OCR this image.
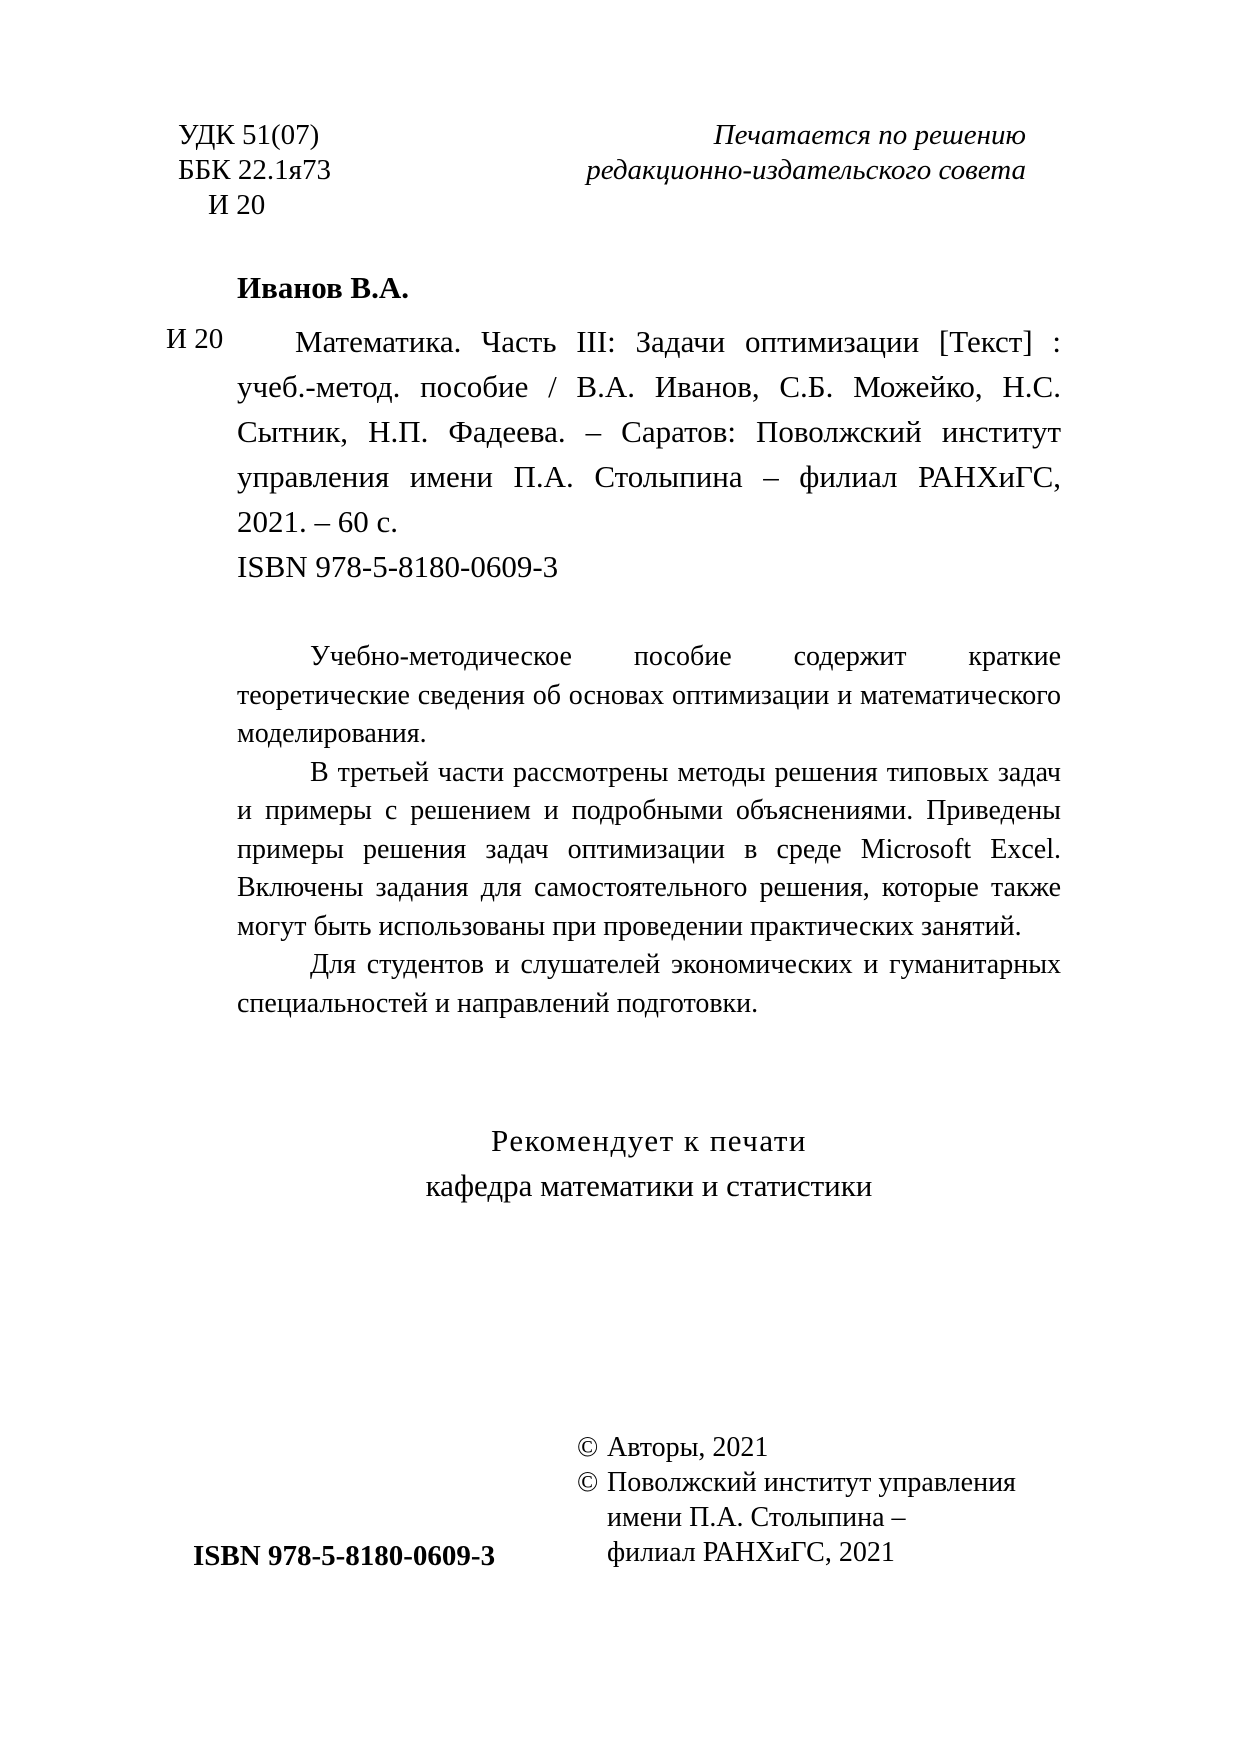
УДК 51(07)
ББК 22.1я73
И 20
Печатается по решению
редакционно-издательского совета
Иванов В.А.
И 20	Математика. Часть III: Задачи оптимизации [Текст] : учеб.-метод. пособие / В.А. Иванов, С.Б. Можейко, Н.С. Сытник, Н.П. Фадеева. – Саратов: Поволжский институт управления имени П.А. Столыпина – филиал РАНХиГС, 2021. – 60 с.

ISBN 978-5-8180-0609-3

Учебно-методическое пособие содержит краткие теоретические сведения об основах оптимизации и математического моделирования.

В третьей части рассмотрены методы решения типовых задач и примеры с решением и подробными объяснениями. Приведены примеры решения задач оптимизации в среде Microsoft Excel. Включены задания для самостоятельного решения, которые также могут быть использованы при проведении практических занятий.

Для студентов и слушателей экономических и гуманитарных специальностей и направлений подготовки.

Рекомендует к печати

кафедра математики и статистики

© Авторы, 2021
© Поволжский институт управления
имени П.А. Столыпина –
филиал РАНХиГС, 2021
ISBN 978-5-8180-0609-3
